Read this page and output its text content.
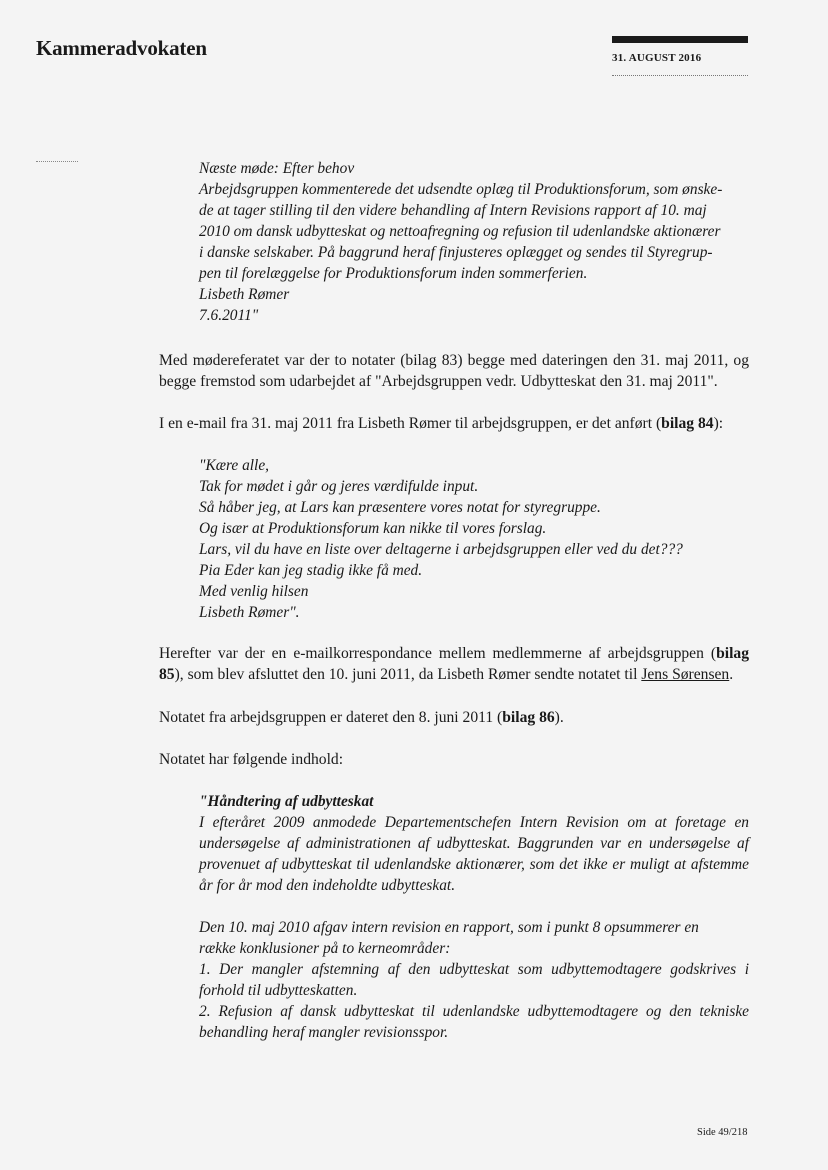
Kammeradvokaten	31. AUGUST 2016
Næste møde: Efter behov
Arbejdsgruppen kommenterede det udsendte oplæg til Produktionsforum, som ønske-
de at tager stilling til den videre behandling af Intern Revisions rapport af 10. maj
2010 om dansk udbytteskat og nettoafregning og refusion til udenlandske aktionærer
i danske selskaber. På baggrund heraf finjusteres oplægget og sendes til Styregrup-
pen til forelæggelse for Produktionsforum inden sommerferien.
Lisbeth Rømer
7.6.2011"

Med mødereferatet var der to notater (bilag 83) begge med dateringen den 31. maj 2011, og begge fremstod som udarbejdet af "Arbejdsgruppen vedr. Udbytteskat den 31. maj 2011".

I en e-mail fra 31. maj 2011 fra Lisbeth Rømer til arbejdsgruppen, er det anført (bilag 84):

"Kære alle,
Tak for mødet i går og jeres værdifulde input.
Så håber jeg, at Lars kan præsentere vores notat for styregruppe.
Og især at Produktionsforum kan nikke til vores forslag.
Lars, vil du have en liste over deltagerne i arbejdsgruppen eller ved du det???
Pia Eder kan jeg stadig ikke få med.
Med venlig hilsen
Lisbeth Rømer".

Herefter var der en e-mailkorrespondance mellem medlemmerne af arbejdsgruppen (bilag 85), som blev afsluttet den 10. juni 2011, da Lisbeth Rømer sendte notatet til Jens Sørensen.

Notatet fra arbejdsgruppen er dateret den 8. juni 2011 (bilag 86).

Notatet har følgende indhold:

"Håndtering af udbytteskat

I efteråret 2009 anmodede Departementschefen Intern Revision om at foretage en undersøgelse af administrationen af udbytteskat. Baggrunden var en undersøgelse af provenuet af udbytteskat til udenlandske aktionærer, som det ikke er muligt at afstemme år for år mod den indeholdte udbytteskat.

Den 10. maj 2010 afgav intern revision en rapport, som i punkt 8 opsummerer en
række konklusioner på to kerneområder:

1. Der mangler afstemning af den udbytteskat som udbyttemodtagere godskrives i forhold til udbytteskatten.

2. Refusion af dansk udbytteskat til udenlandske udbyttemodtagere og den tekniske behandling heraf mangler revisionsspor.

Side 49/218
